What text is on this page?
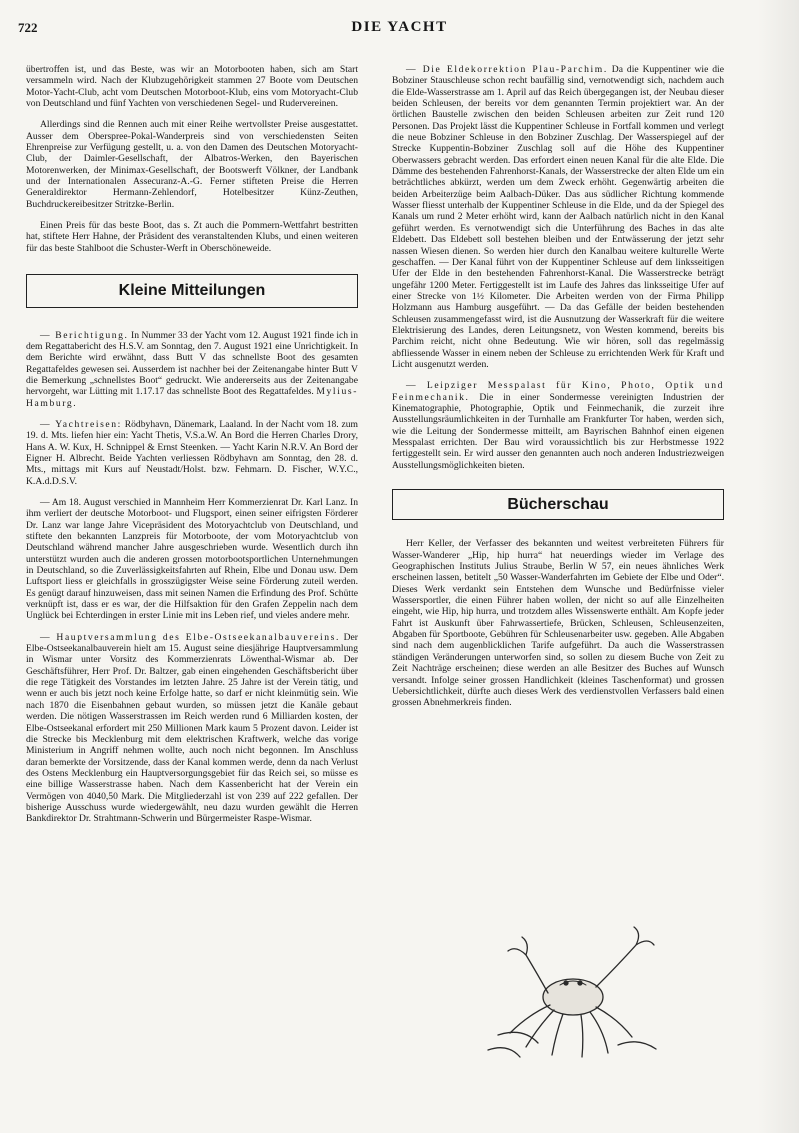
722	DIE YACHT

übertroffen ist, und das Beste, was wir an Motorbooten haben, sich am Start versammeln wird. Nach der Klubzugehörigkeit stammen 27 Boote vom Deutschen Motor-Yacht-Club, acht vom Deutschen Motorboot-Klub, eins vom Motoryacht-Club von Deutschland und fünf Yachten von verschiedenen Segel- und Rudervereinen.

Allerdings sind die Rennen auch mit einer Reihe wertvollster Preise ausgestattet. Ausser dem Oberspree-Pokal-Wanderpreis sind von verschiedensten Seiten Ehrenpreise zur Verfügung gestellt, u. a. von den Damen des Deutschen Motoryacht-Club, der Daimler-Gesellschaft, der Albatros-Werken, den Bayerischen Motorenwerken, der Minimax-Gesellschaft, der Bootswerft Völkner, der Landbank und der Internationalen Assecuranz-A.-G. Ferner stifteten Preise die Herren Generaldirektor Hermann-Zehlendorf, Hotelbesitzer Künz-Zeuthen, Buchdruckereibesitzer Stritzke-Berlin.

Einen Preis für das beste Boot, das s. Zt auch die Pommern-Wettfahrt bestritten hat, stiftete Herr Hahne, der Präsident des veranstaltenden Klubs, und einen weiteren für das beste Stahlboot die Schuster-Werft in Oberschöneweide.

Kleine Mitteilungen

— Berichtigung. In Nummer 33 der Yacht vom 12. August 1921 finde ich in dem Regattabericht des H.S.V. am Sonntag, den 7. August 1921 eine Unrichtigkeit. In dem Berichte wird erwähnt, dass Butt V das schnellste Boot des gesamten Regattafeldes gewesen sei. Ausserdem ist nachher bei der Zeitenangabe hinter Butt V die Bemerkung „schnellstes Boot“ gedruckt. Wie andererseits aus der Zeitenangabe hervorgeht, war Lütting mit 1.17.17 das schnellste Boot des Regattafeldes. Mylius-Hamburg.

— Yachtreisen: Rödbyhavn, Dänemark, Laaland. In der Nacht vom 18. zum 19. d. Mts. liefen hier ein: Yacht Thetis, V.S.a.W. An Bord die Herren Charles Drory, Hans A. W. Kux, H. Schnippel & Ernst Steenken. — Yacht Karin N.R.V. An Bord der Eigner H. Albrecht. Beide Yachten verliessen Rödbyhavn am Sonntag, den 28. d. Mts., mittags mit Kurs auf Neustadt/Holst. bzw. Fehmarn. D. Fischer, W.Y.C., K.A.d.D.S.V.

— Am 18. August verschied in Mannheim Herr Kommerzienrat Dr. Karl Lanz. In ihm verliert der deutsche Motorboot- und Flugsport, einen seiner eifrigsten Förderer Dr. Lanz war lange Jahre Vicepräsident des Motoryachtclub von Deutschland, und stiftete den bekannten Lanzpreis für Motorboote, der vom Motoryachtclub von Deutschland während mancher Jahre ausgeschrieben wurde. Wesentlich durch ihn unterstützt wurden auch die anderen grossen motorbootsportlichen Unternehmungen in Deutschland, so die Zuverlässigkeitsfahrten auf Rhein, Elbe und Donau usw. Dem Luftsport liess er gleichfalls in grosszügigster Weise seine Förderung zuteil werden. Es genügt darauf hinzuweisen, dass mit seinen Namen die Erfindung des Prof. Schütte verknüpft ist, dass er es war, der die Hilfsaktion für den Grafen Zeppelin nach dem Unglück bei Echterdingen in erster Linie mit ins Leben rief, und vieles andere mehr.

— Hauptversammlung des Elbe-Ostseekanalbauvereins. Der Elbe-Ostseekanalbauverein hielt am 15. August seine diesjährige Hauptversammlung in Wismar unter Vorsitz des Kommerzienrats Löwenthal-Wismar ab. Der Geschäftsführer, Herr Prof. Dr. Baltzer, gab einen eingehenden Geschäftsbericht über die rege Tätigkeit des Vorstandes im letzten Jahre. 25 Jahre ist der Verein tätig, und wenn er auch bis jetzt noch keine Erfolge hatte, so darf er nicht kleinmütig sein. Wie nach 1870 die Eisenbahnen gebaut wurden, so müssen jetzt die Kanäle gebaut werden. Die nötigen Wasserstrassen im Reich werden rund 6 Milliarden kosten, der Elbe-Ostseekanal erfordert mit 250 Millionen Mark kaum 5 Prozent davon. Leider ist die Strecke bis Mecklenburg mit dem elektrischen Kraftwerk, welche das vorige Ministerium in Angriff nehmen wollte, auch noch nicht begonnen. Im Anschluss daran bemerkte der Vorsitzende, dass der Kanal kommen werde, denn da nach Verlust des Ostens Mecklenburg ein Hauptversorgungsgebiet für das Reich sei, so müsse es eine billige Wasserstrasse haben. Nach dem Kassenbericht hat der Verein ein Vermögen von 4040,50 Mark. Die Mitgliederzahl ist von 239 auf 222 gefallen. Der bisherige Ausschuss wurde wiedergewählt, neu dazu wurden gewählt die Herren Bankdirektor Dr. Strahtmann-Schwerin und Bürgermeister Raspe-Wismar.

— Die Eldekorrektion Plau-Parchim. Da die Kuppentiner wie die Bobziner Stauschleuse schon recht baufällig sind, vernotwendigt sich, nachdem auch die Elde-Wasserstrasse am 1. April auf das Reich übergegangen ist, der Neubau dieser beiden Schleusen, der bereits vor dem genannten Termin projektiert war. An der örtlichen Baustelle zwischen den beiden Schleusen arbeiten zur Zeit rund 120 Personen. Das Projekt lässt die Kuppentiner Schleuse in Fortfall kommen und verlegt die neue Bobziner Schleuse in den Bobziner Zuschlag. Der Wasserspiegel auf der Strecke Kuppentin-Bobziner Zuschlag soll auf die Höhe des Kuppentiner Oberwassers gebracht werden. Das erfordert einen neuen Kanal für die alte Elde. Die Dämme des bestehenden Fahrenhorst-Kanals, der Wasserstrecke der alten Elde um ein beträchtliches abkürzt, werden um dem Zweck erhöht. Gegenwärtig arbeiten die beiden Arbeiterzüge beim Aalbach-Düker. Das aus südlicher Richtung kommende Wasser fliesst unterhalb der Kuppentiner Schleuse in die Elde, und da der Spiegel des Kanals um rund 2 Meter erhöht wird, kann der Aalbach natürlich nicht in den Kanal geführt werden. Es vernotwendigt sich die Unterführung des Baches in das alte Eldebett. Das Eldebett soll bestehen bleiben und der Entwässerung der jetzt sehr nassen Wiesen dienen. So werden hier durch den Kanalbau weitere kulturelle Werte geschaffen. — Der Kanal führt von der Kuppentiner Schleuse auf dem linksseitigen Ufer der Elde in den bestehenden Fahrenhorst-Kanal. Die Wasserstrecke beträgt ungefähr 1200 Meter. Fertiggestellt ist im Laufe des Jahres das linksseitige Ufer auf einer Strecke von 1½ Kilometer. Die Arbeiten werden von der Firma Philipp Holzmann aus Hamburg ausgeführt. — Da das Gefälle der beiden bestehenden Schleusen zusammengefasst wird, ist die Ausnutzung der Wasserkraft für die weitere Elektrisierung des Landes, deren Leitungsnetz, von Westen kommend, bereits bis Parchim reicht, nicht ohne Bedeutung. Wie wir hören, soll das regelmässig abfliessende Wasser in einem neben der Schleuse zu errichtenden Werk für Kraft und Licht ausgenutzt werden.

— Leipziger Messpalast für Kino, Photo, Optik und Feinmechanik. Die in einer Sondermesse vereinigten Industrien der Kinematographie, Photographie, Optik und Feinmechanik, die zurzeit ihre Ausstellungsräumlichkeiten in der Turnhalle am Frankfurter Tor haben, werden sich, wie die Leitung der Sondermesse mitteilt, am Bayrischen Bahnhof einen eigenen Messpalast errichten. Der Bau wird voraussichtlich bis zur Herbstmesse 1922 fertiggestellt sein. Er wird ausser den genannten auch noch anderen Industriezweigen Ausstellungsmöglichkeiten bieten.

Bücherschau

Herr Keller, der Verfasser des bekannten und weitest verbreiteten Führers für Wasser-Wanderer „Hip, hip hurra“ hat neuerdings wieder im Verlage des Geographischen Instituts Julius Straube, Berlin W 57, ein neues ähnliches Werk erscheinen lassen, betitelt „50 Wasser-Wanderfahrten im Gebiete der Elbe und Oder“. Dieses Werk verdankt sein Entstehen dem Wunsche und Bedürfnisse vieler Wassersportler, die einen Führer haben wollen, der nicht so auf alle Einzelheiten eingeht, wie Hip, hip hurra, und trotzdem alles Wissenswerte enthält. Am Kopfe jeder Fahrt ist Auskunft über Fahrwassertiefe, Brücken, Schleusen, Schleusenzeiten, Abgaben für Sportboote, Gebühren für Schleusenarbeiter usw. gegeben. Alle Abgaben sind nach dem augenblicklichen Tarife aufgeführt. Da auch die Wasserstrassen ständigen Veränderungen unterworfen sind, so sollen zu diesem Buche von Zeit zu Zeit Nachträge erscheinen; diese werden an alle Besitzer des Buches auf Wunsch versandt. Infolge seiner grossen Handlichkeit (kleines Taschenformat) und grossen Uebersichtlichkeit, dürfte auch dieses Werk des verdienstvollen Verfassers bald einen grossen Abnehmerkreis finden.
